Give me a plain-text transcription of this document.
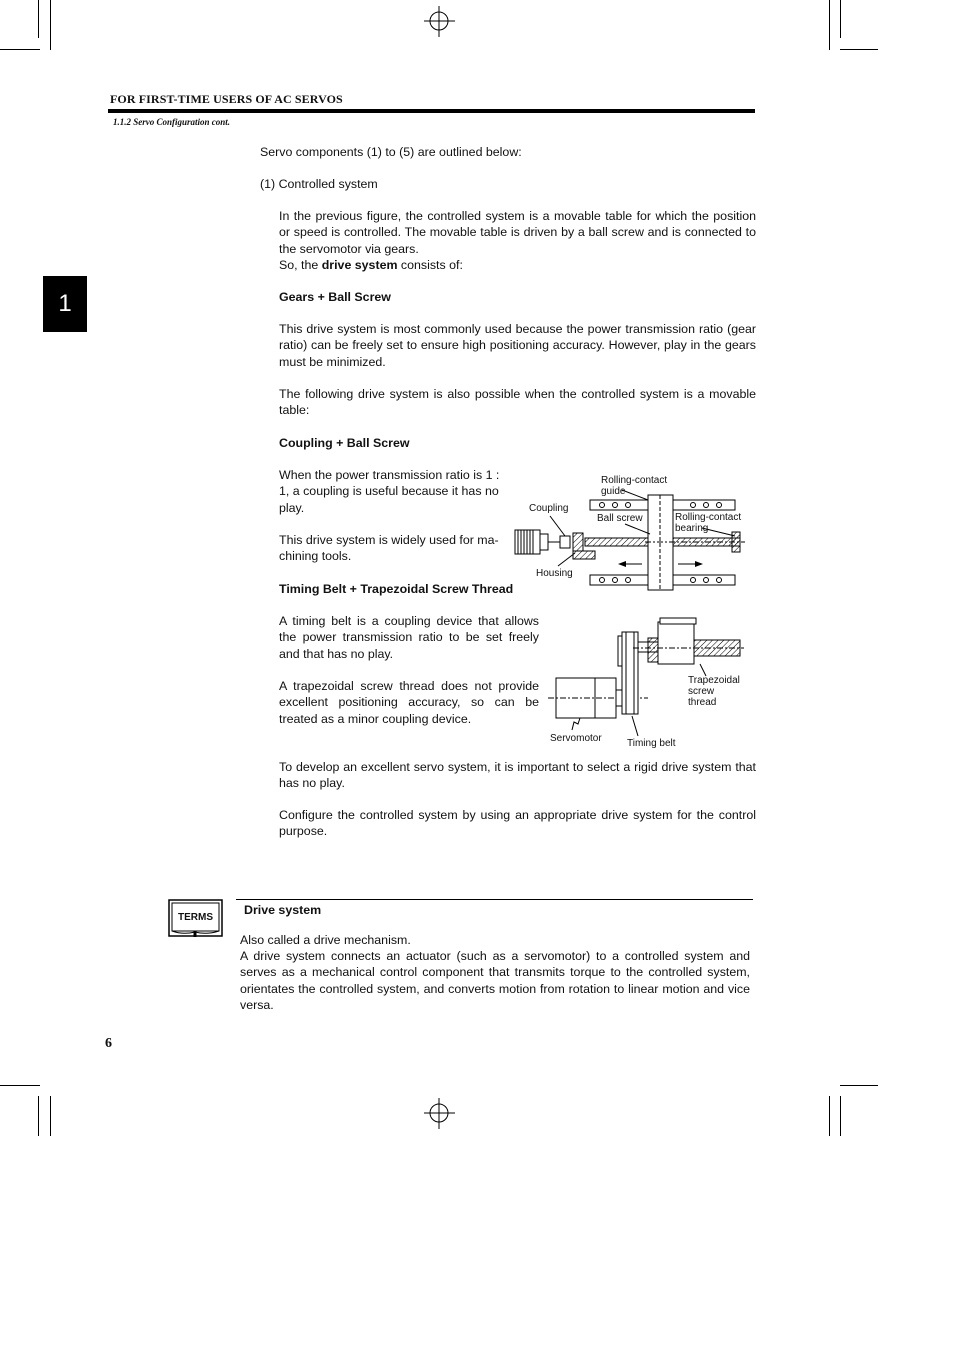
FOR FIRST-TIME USERS OF AC SERVOS
1.1.2 Servo Configuration cont.
1
Servo components (1) to (5) are outlined below:
(1) Controlled system
In the previous figure, the controlled system is a movable table for which the position or speed is controlled. The movable table is driven by a ball screw and is connected to the servomotor via gears.
So, the drive system consists of:
Gears + Ball Screw
This drive system is most commonly used because the power transmission ratio (gear ratio) can be freely set to ensure high positioning accuracy. However, play in the gears must be minimized.
The following drive system is also possible when the controlled system is a movable table:
Coupling + Ball Screw
When the power transmission ratio is 1 : 1, a coupling is useful because it has no play.
This drive system is widely used for ma-chining tools.
Timing Belt + Trapezoidal Screw Thread
A timing belt is a coupling device that allows the power transmission ratio to be set freely and that has no play.
A trapezoidal screw thread does not provide excellent positioning accuracy, so can be treated as a minor coupling device.
To develop an excellent servo system, it is important to select a rigid drive system that has no play.
Configure the controlled system by using an appropriate drive system for the control purpose.
Rolling-contact
guide
Coupling
Ball screw	Rolling-contact
bearing
Housing
Trapezoidal
screw
thread
Servomotor	Timing belt
TERMS
Drive system
Also called a drive mechanism.
A drive system connects an actuator (such as a servomotor) to a controlled system and serves as a mechanical control component that transmits torque to the controlled system, orientates the controlled system, and converts motion from rotation to linear motion and vice versa.
6
